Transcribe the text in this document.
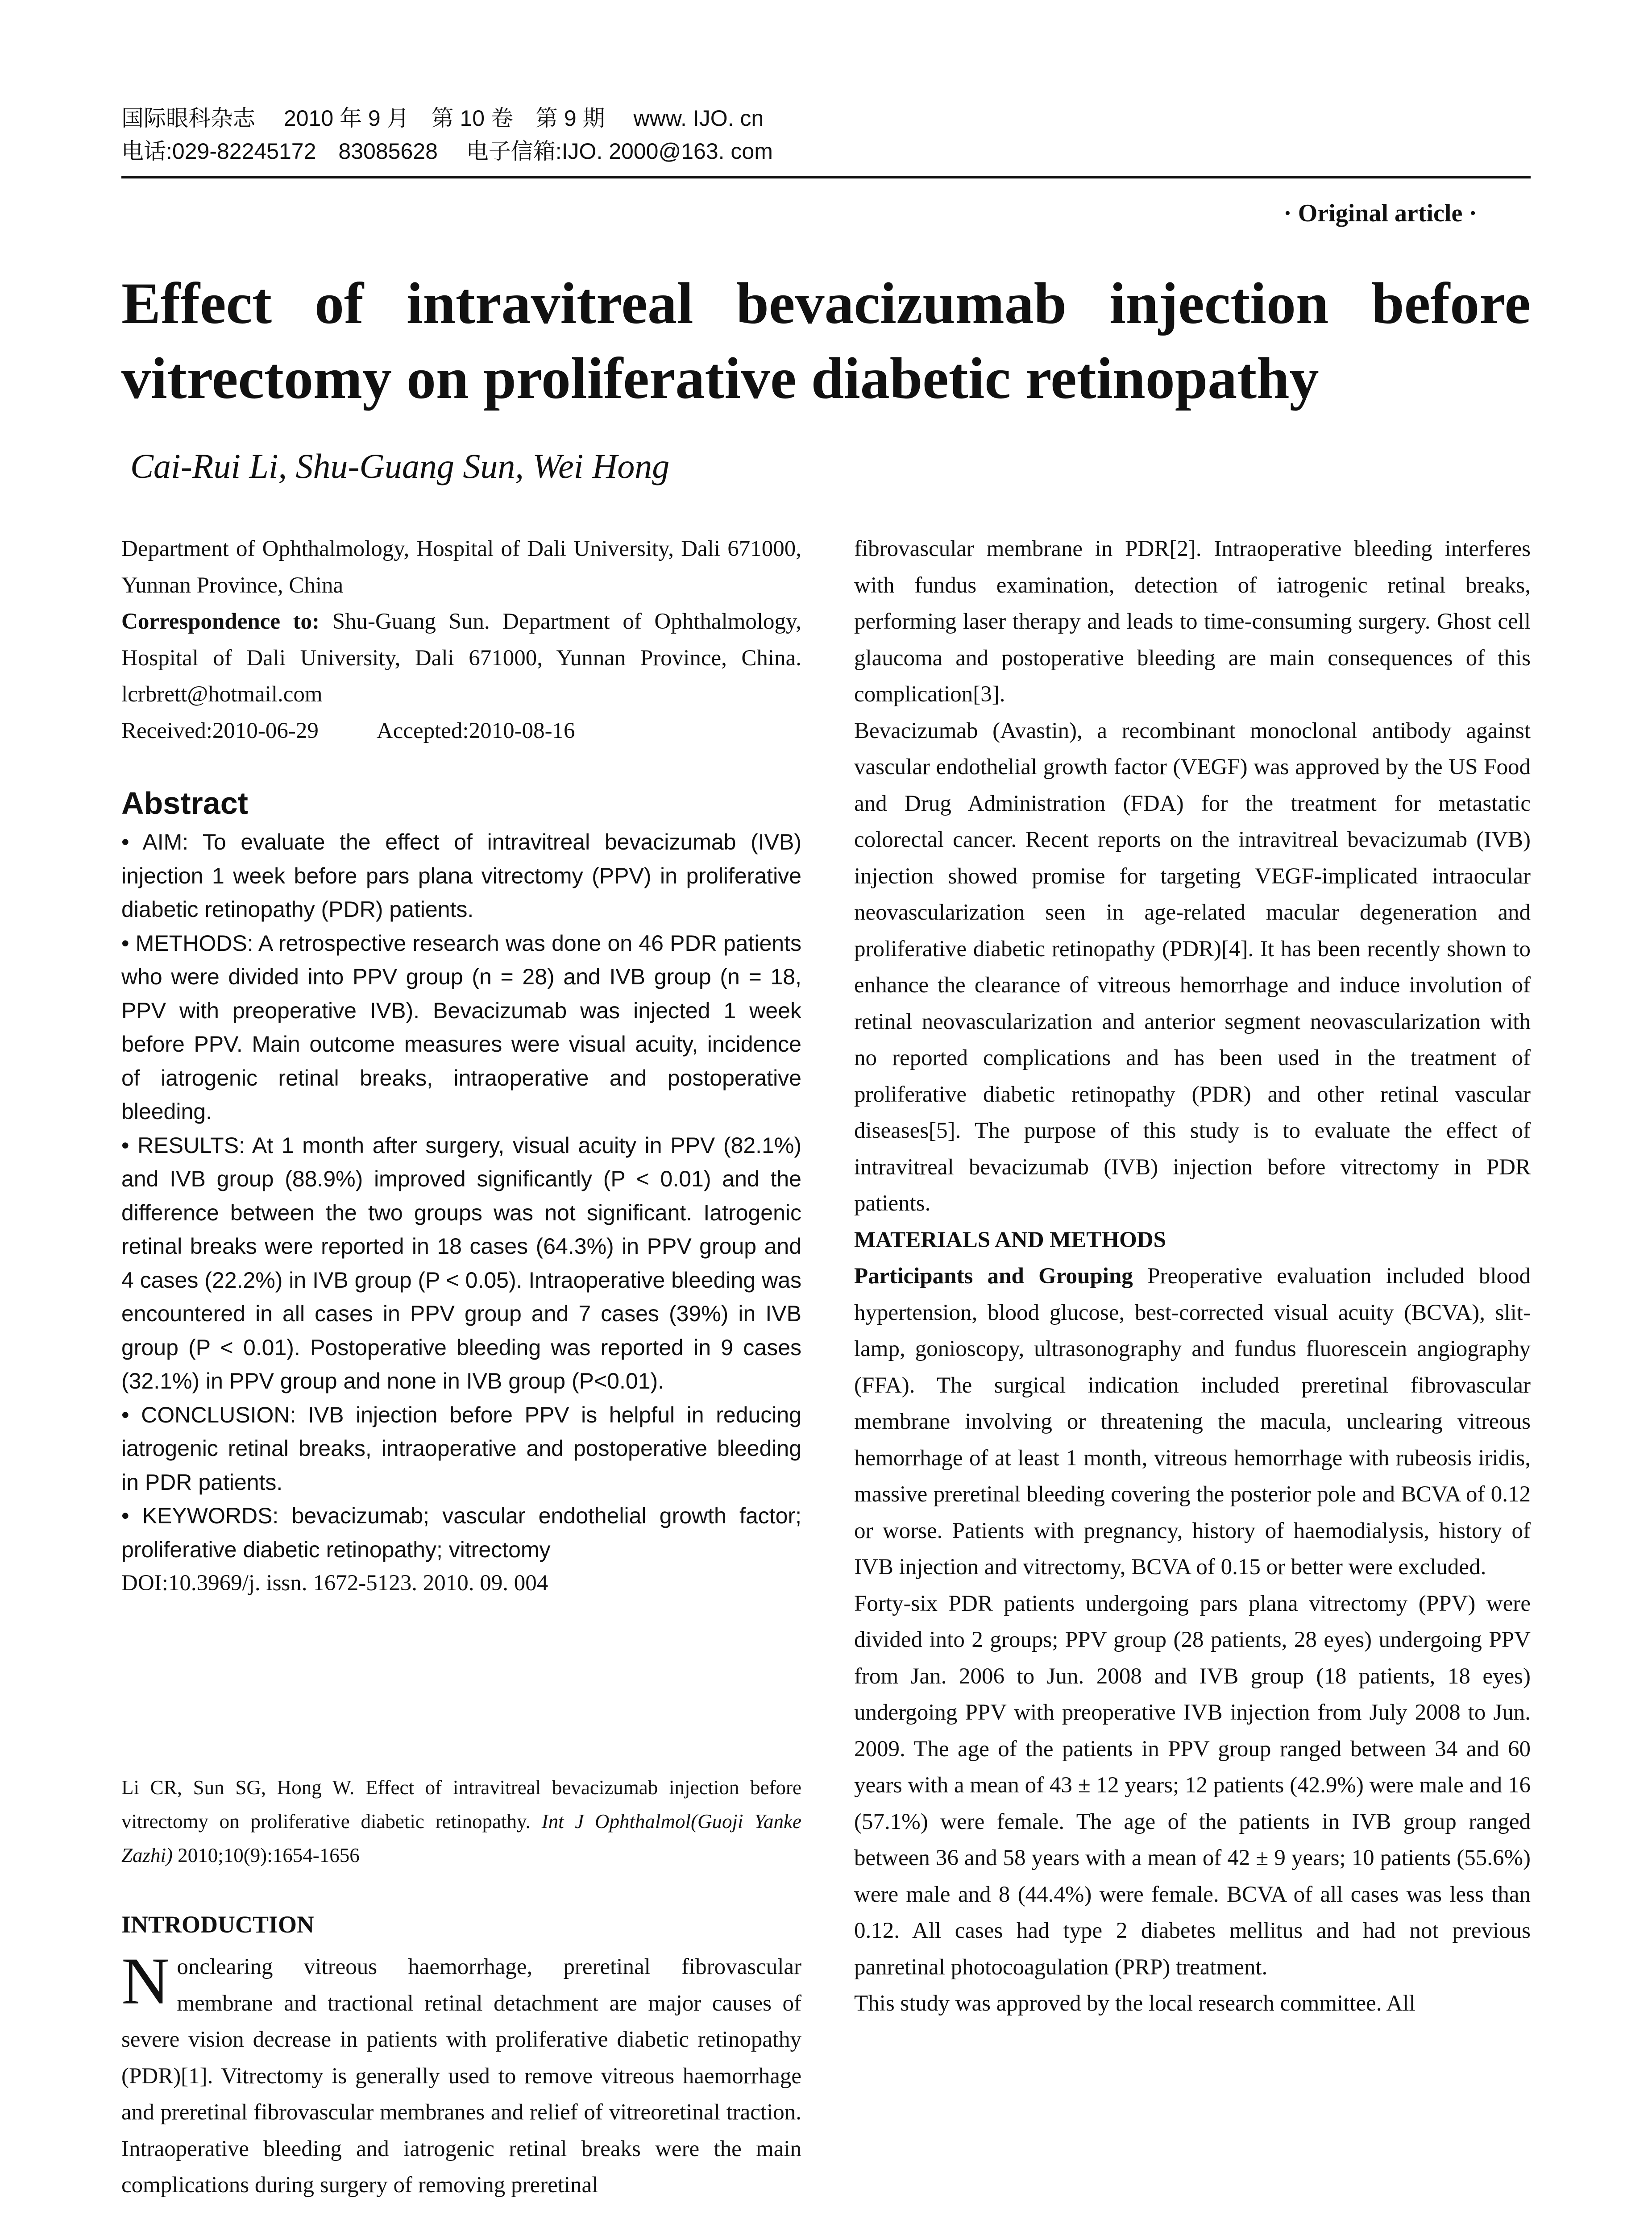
国际眼科杂志　 2010 年 9 月　第 10 卷　第 9 期　 www. IJO. cn
电话:029-82245172　83085628　 电子信箱:IJO. 2000@163. com
· Original article ·
Effect of intravitreal bevacizumab injection before
vitrectomy on proliferative diabetic retinopathy
Cai-Rui Li, Shu-Guang Sun, Wei Hong

Department of Ophthalmology, Hospital of Dali University, Dali 671000, Yunnan Province, China

Correspondence to: Shu-Guang Sun. Department of Ophthalmology, Hospital of Dali University, Dali 671000, Yunnan Province, China. lcrbrett@hotmail.com

Received:2010-06-29	Accepted:2010-08-16

Abstract

• AIM: To evaluate the effect of intravitreal bevacizumab (IVB) injection 1 week before pars plana vitrectomy (PPV) in proliferative diabetic retinopathy (PDR) patients.

• METHODS: A retrospective research was done on 46 PDR patients who were divided into PPV group (n = 28) and IVB group (n = 18, PPV with preoperative IVB). Bevacizumab was injected 1 week before PPV. Main outcome measures were visual acuity, incidence of iatrogenic retinal breaks, intraoperative and postoperative bleeding.

• RESULTS: At 1 month after surgery, visual acuity in PPV (82.1%) and IVB group (88.9%) improved significantly (P < 0.01) and the difference between the two groups was not significant. Iatrogenic retinal breaks were reported in 18 cases (64.3%) in PPV group and 4 cases (22.2%) in IVB group (P < 0.05). Intraoperative bleeding was encountered in all cases in PPV group and 7 cases (39%) in IVB group (P < 0.01). Postoperative bleeding was reported in 9 cases (32.1%) in PPV group and none in IVB group (P<0.01).

• CONCLUSION: IVB injection before PPV is helpful in reducing iatrogenic retinal breaks, intraoperative and postoperative bleeding in PDR patients.

• KEYWORDS: bevacizumab; vascular endothelial growth factor; proliferative diabetic retinopathy; vitrectomy

DOI:10.3969/j. issn. 1672-5123. 2010. 09. 004

Li CR, Sun SG, Hong W. Effect of intravitreal bevacizumab injection before vitrectomy on proliferative diabetic retinopathy. Int J Ophthalmol(Guoji Yanke Zazhi) 2010;10(9):1654-1656
INTRODUCTION
Nonclearing vitreous haemorrhage, preretinal fibrovascular membrane and tractional retinal detachment are major causes of severe vision decrease in patients with proliferative diabetic retinopathy (PDR)[1]. Vitrectomy is generally used to remove vitreous haemorrhage and preretinal fibrovascular membranes and relief of vitreoretinal traction. Intraoperative bleeding and iatrogenic retinal breaks were the main complications during surgery of removing preretinal

fibrovascular membrane in PDR[2]. Intraoperative bleeding interferes with fundus examination, detection of iatrogenic retinal breaks, performing laser therapy and leads to time-consuming surgery. Ghost cell glaucoma and postoperative bleeding are main consequences of this complication[3].

Bevacizumab (Avastin), a recombinant monoclonal antibody against vascular endothelial growth factor (VEGF) was approved by the US Food and Drug Administration (FDA) for the treatment for metastatic colorectal cancer. Recent reports on the intravitreal bevacizumab (IVB) injection showed promise for targeting VEGF-implicated intraocular neovascularization seen in age-related macular degeneration and proliferative diabetic retinopathy (PDR)[4]. It has been recently shown to enhance the clearance of vitreous hemorrhage and induce involution of retinal neovascularization and anterior segment neovascularization with no reported complications and has been used in the treatment of proliferative diabetic retinopathy (PDR) and other retinal vascular diseases[5]. The purpose of this study is to evaluate the effect of intravitreal bevacizumab (IVB) injection before vitrectomy in PDR patients.

MATERIALS AND METHODS

Participants and Grouping Preoperative evaluation included blood hypertension, blood glucose, best-corrected visual acuity (BCVA), slit-lamp, gonioscopy, ultrasonography and fundus fluorescein angiography (FFA). The surgical indication included preretinal fibrovascular membrane involving or threatening the macula, unclearing vitreous hemorrhage of at least 1 month, vitreous hemorrhage with rubeosis iridis, massive preretinal bleeding covering the posterior pole and BCVA of 0.12 or worse. Patients with pregnancy, history of haemodialysis, history of IVB injection and vitrectomy, BCVA of 0.15 or better were excluded.

Forty-six PDR patients undergoing pars plana vitrectomy (PPV) were divided into 2 groups; PPV group (28 patients, 28 eyes) undergoing PPV from Jan. 2006 to Jun. 2008 and IVB group (18 patients, 18 eyes) undergoing PPV with preoperative IVB injection from July 2008 to Jun. 2009. The age of the patients in PPV group ranged between 34 and 60 years with a mean of 43 ± 12 years; 12 patients (42.9%) were male and 16 (57.1%) were female. The age of the patients in IVB group ranged between 36 and 58 years with a mean of 42 ± 9 years; 10 patients (55.6%) were male and 8 (44.4%) were female. BCVA of all cases was less than 0.12. All cases had type 2 diabetes mellitus and had not previous panretinal photocoagulation (PRP) treatment.

This study was approved by the local research committee. All
